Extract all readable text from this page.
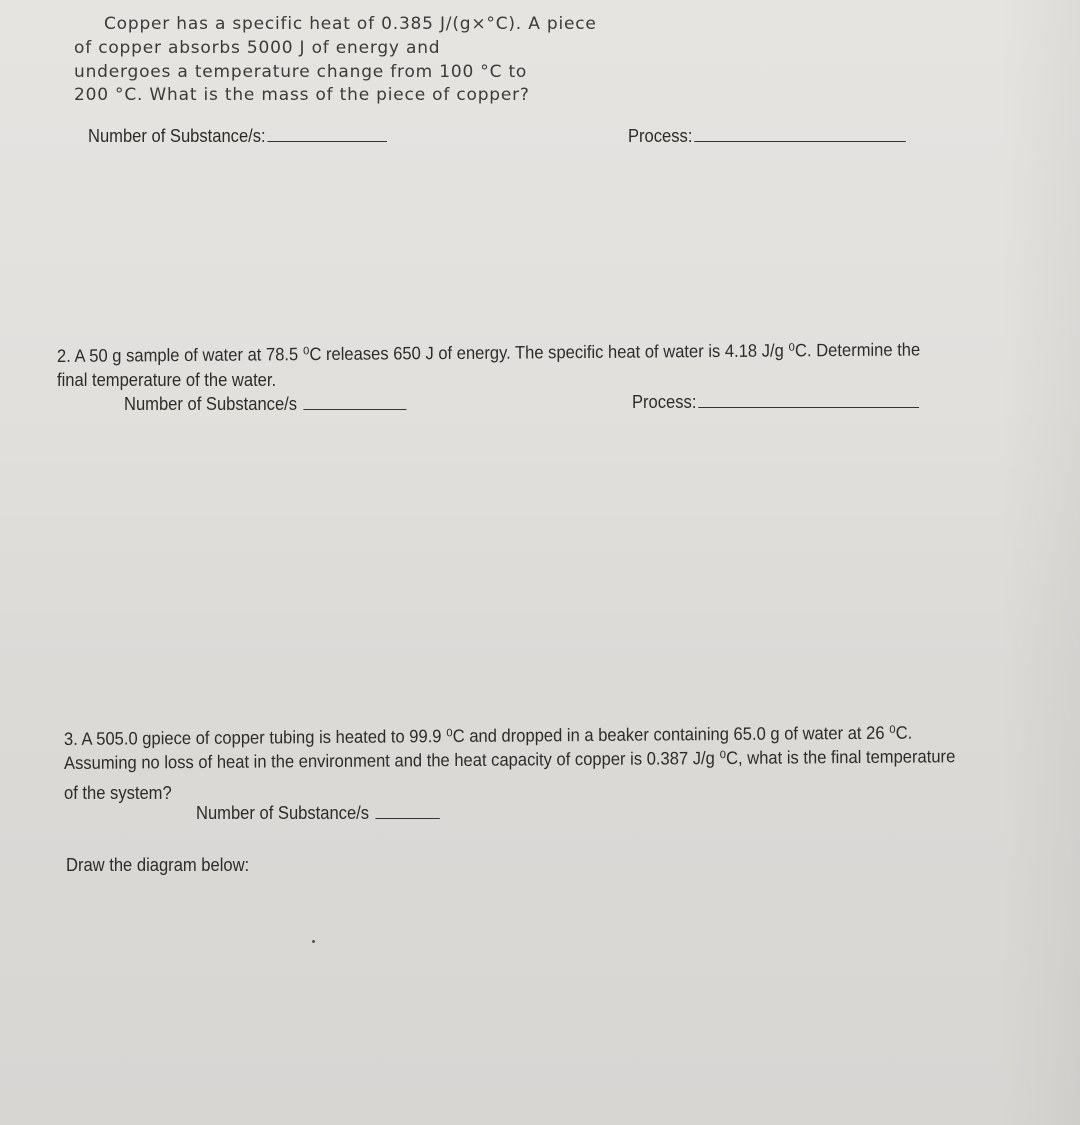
Copper has a specific heat of 0.385 J/(g×°C). A piece
of copper absorbs 5000 J of energy and
undergoes a temperature change from 100 °C to
200 °C. What is the mass of the piece of copper?
Number of Substance/s:	Process:
2. A 50 g sample of water at 78.5 ⁰C releases 650 J of energy. The specific heat of water is 4.18 J/g ⁰C. Determine the
final temperature of the water.
Number of Substance/s	Process:
3. A 505.0 gpiece of copper tubing is heated to 99.9 ⁰C and dropped in a beaker containing 65.0 g of water at 26 ⁰C.
Assuming no loss of heat in the environment and the heat capacity of copper is 0.387 J/g ⁰C, what is the final temperature
of the system?
Number of Substance/s
Draw the diagram below:
